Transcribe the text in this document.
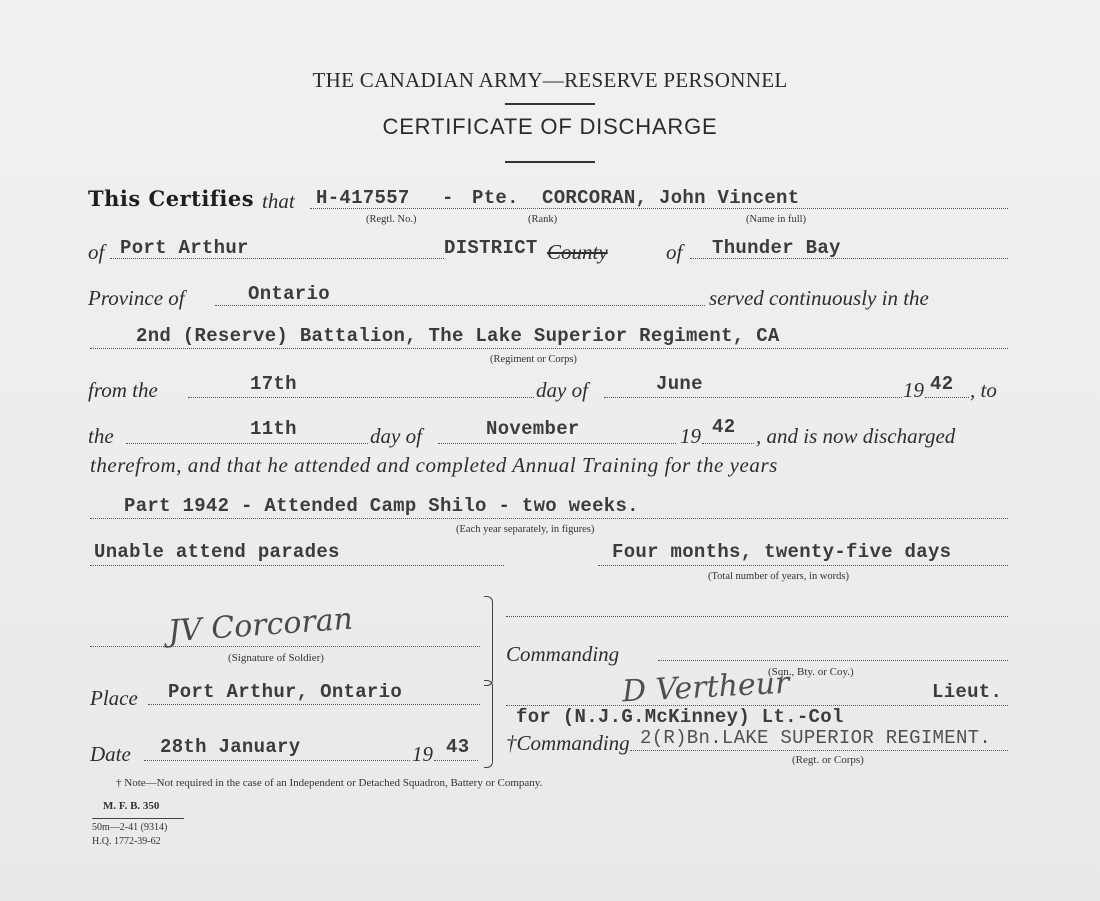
THE CANADIAN ARMY—RESERVE PERSONNEL
CERTIFICATE OF DISCHARGE
This Certifies that H-417557 - Pte. CORCORAN, John Vincent
(Regtl. No.)	(Rank)	(Name in full)
of Port Arthur	DISTRICT County	of Thunder Bay
Province of	Ontario	served continuously in the
2nd (Reserve) Battalion, The Lake Superior Regiment, CA
(Regiment or Corps)
from the	17th	day of	June	19 42 , to
the	11th	day of	November	19 42 , and is now discharged
therefrom, and that he attended and completed Annual Training for the years
Part 1942 - Attended Camp Shilo - two weeks.
(Each year separately, in figures)
Unable attend parades	Four months, twenty-five days
(Total number of years, in words)
JV Corcoran
(Signature of Soldier)
Place Port Arthur, Ontario
Date 28th January	19 43
Commanding
(Sqn., Bty. or Coy.)
D Vertheur	Lieut.
for (N.J.G.McKinney) Lt.-Col
†Commanding 2(R)Bn.LAKE SUPERIOR REGIMENT.
(Regt. or Corps)
† Note—Not required in the case of an Independent or Detached Squadron, Battery or Company.
M. F. B. 350
50m—2-41 (9314)
H.Q. 1772-39-62
